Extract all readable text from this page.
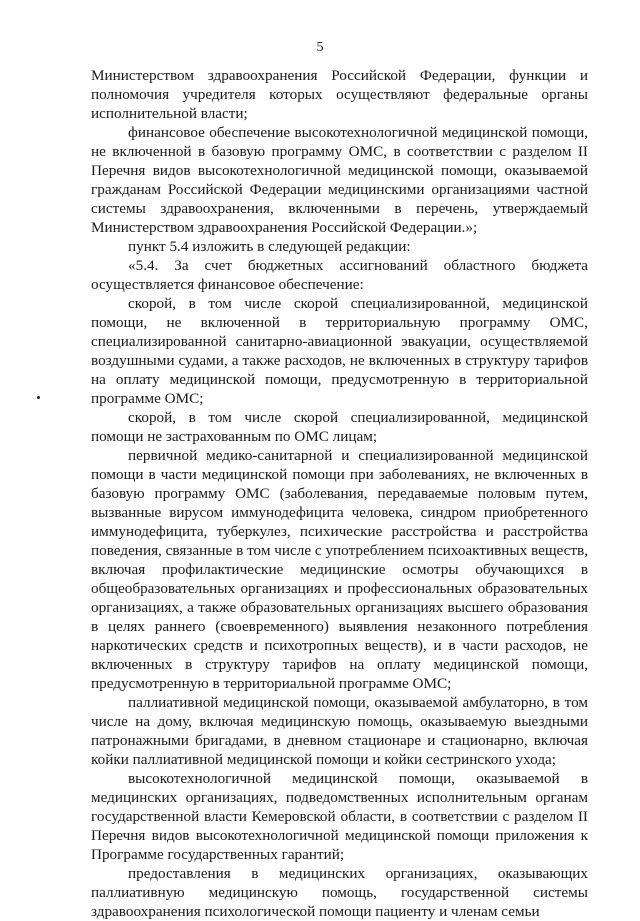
5

Министерством здравоохранения Российской Федерации, функции и полномочия учредителя которых осуществляют федеральные органы исполнительной власти;

финансовое обеспечение высокотехнологичной медицинской помощи, не включенной в базовую программу ОМС, в соответствии с разделом II Перечня видов высокотехнологичной медицинской помощи, оказываемой гражданам Российской Федерации медицинскими организациями частной системы здравоохранения, включенными в перечень, утверждаемый Министерством здравоохранения Российской Федерации.»;

пункт 5.4 изложить в следующей редакции:

«5.4. За счет бюджетных ассигнований областного бюджета осуществляется финансовое обеспечение:

скорой, в том числе скорой специализированной, медицинской помощи, не включенной в территориальную программу ОМС, специализированной санитарно-авиационной эвакуации, осуществляемой воздушными судами, а также расходов, не включенных в структуру тарифов на оплату медицинской помощи, предусмотренную в территориальной программе ОМС;

скорой, в том числе скорой специализированной, медицинской помощи не застрахованным по ОМС лицам;

первичной медико-санитарной и специализированной медицинской помощи в части медицинской помощи при заболеваниях, не включенных в базовую программу ОМС (заболевания, передаваемые половым путем, вызванные вирусом иммунодефицита человека, синдром приобретенного иммунодефицита, туберкулез, психические расстройства и расстройства поведения, связанные в том числе с употреблением психоактивных веществ, включая профилактические медицинские осмотры обучающихся в общеобразовательных организациях и профессиональных образовательных организациях, а также образовательных организациях высшего образования в целях раннего (своевременного) выявления незаконного потребления наркотических средств и психотропных веществ), и в части расходов, не включенных в структуру тарифов на оплату медицинской помощи, предусмотренную в территориальной программе ОМС;

паллиативной медицинской помощи, оказываемой амбулаторно, в том числе на дому, включая медицинскую помощь, оказываемую выездными патронажными бригадами, в дневном стационаре и стационарно, включая койки паллиативной медицинской помощи и койки сестринского ухода;

высокотехнологичной медицинской помощи, оказываемой в медицинских организациях, подведомственных исполнительным органам государственной власти Кемеровской области, в соответствии с разделом II Перечня видов высокотехнологичной медицинской помощи приложения к Программе государственных гарантий;

предоставления в медицинских организациях, оказывающих паллиативную медицинскую помощь, государственной системы здравоохранения психологической помощи пациенту и членам семьи
